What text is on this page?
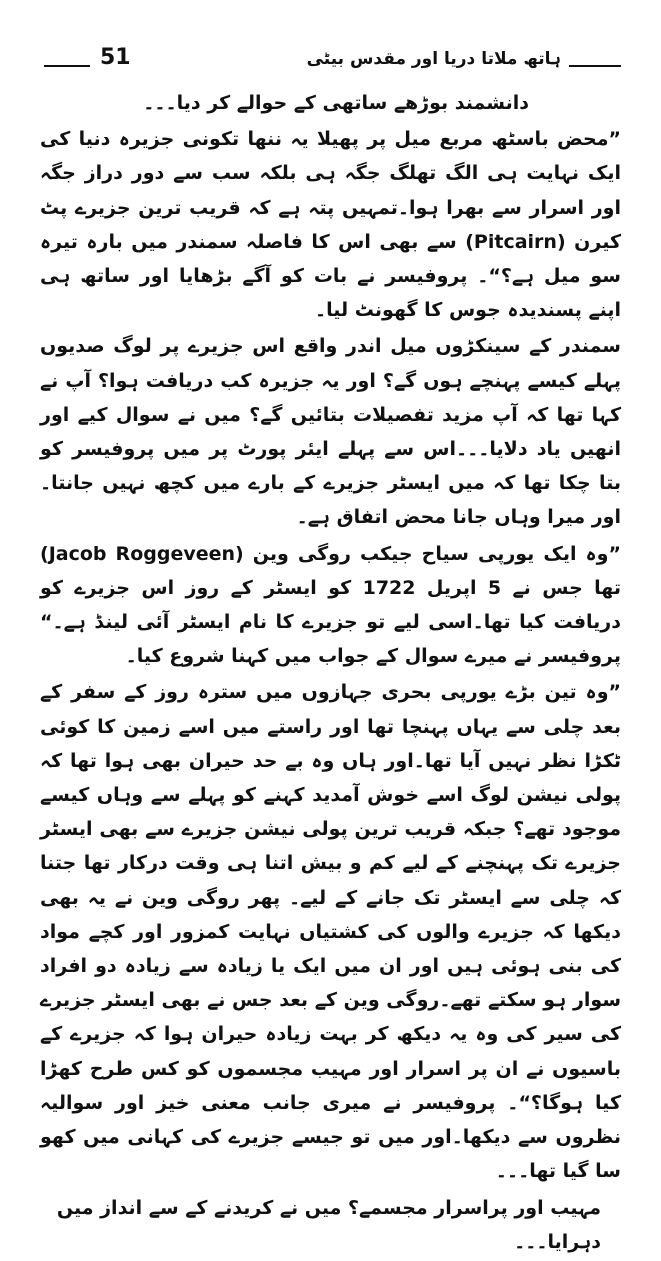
51	ہاتھ ملاتا دریا اور مقدس بیٹی

دانشمند بوڑھے ساتھی کے حوالے کر دیا۔۔۔

”محض باسٹھ مربع میل پر پھیلا یہ ننھا تکونی جزیرہ دنیا کی ایک نہایت ہی الگ تھلگ جگہ ہی بلکہ سب سے دور دراز جگہ اور اسرار سے بھرا ہوا۔تمہیں پتہ ہے کہ قریب ترین جزیرے پٹ کیرن (Pitcairn) سے بھی اس کا فاصلہ سمندر میں بارہ تیرہ سو میل ہے؟“۔ پروفیسر نے بات کو آگے بڑھایا اور ساتھ ہی اپنے پسندیدہ جوس کا گھونٹ لیا۔

سمندر کے سینکڑوں میل اندر واقع اس جزیرے پر لوگ صدیوں پہلے کیسے پہنچے ہوں گے؟ اور یہ جزیرہ کب دریافت ہوا؟ آپ نے کہا تھا کہ آپ مزید تفصیلات بتائیں گے؟ میں نے سوال کیے اور انھیں یاد دلایا۔۔۔اس سے پہلے ایئر پورٹ پر میں پروفیسر کو بتا چکا تھا کہ میں ایسٹر جزیرے کے بارے میں کچھ نہیں جانتا۔اور میرا وہاں جانا محض اتفاق ہے۔

”وہ ایک یورپی سیاح جیکب روگی وین (Jacob Roggeveen) تھا جس نے 5 اپریل 1722 کو ایسٹر کے روز اس جزیرے کو دریافت کیا تھا۔اسی لیے تو جزیرے کا نام ایسٹر آئی لینڈ ہے۔“ پروفیسر نے میرے سوال کے جواب میں کہنا شروع کیا۔

”وہ تین بڑے یورپی بحری جہازوں میں سترہ روز کے سفر کے بعد چلی سے یہاں پہنچا تھا اور راستے میں اسے زمین کا کوئی ٹکڑا نظر نہیں آیا تھا۔اور ہاں وہ بے حد حیران بھی ہوا تھا کہ پولی نیشن لوگ اسے خوش آمدید کہنے کو پہلے سے وہاں کیسے موجود تھے؟ جبکہ قریب ترین پولی نیشن جزیرے سے بھی ایسٹر جزیرے تک پہنچنے کے لیے کم و بیش اتنا ہی وقت درکار تھا جتنا کہ چلی سے ایسٹر تک جانے کے لیے۔ پھر روگی وین نے یہ بھی دیکھا کہ جزیرے والوں کی کشتیاں نہایت کمزور اور کچے مواد کی بنی ہوئی ہیں اور ان میں ایک یا زیادہ سے زیادہ دو افراد سوار ہو سکتے تھے۔روگی وین کے بعد جس نے بھی ایسٹر جزیرے کی سیر کی وہ یہ دیکھ کر بہت زیادہ حیران ہوا کہ جزیرے کے باسیوں نے ان پر اسرار اور مہیب مجسموں کو کس طرح کھڑا کیا ہوگا؟“۔ پروفیسر نے میری جانب معنی خیز اور سوالیہ نظروں سے دیکھا۔اور میں تو جیسے جزیرے کی کہانی میں کھو سا گیا تھا۔۔۔

مہیب اور پراسرار مجسمے؟ میں نے کریدنے کے سے انداز میں دہرایا۔۔۔
